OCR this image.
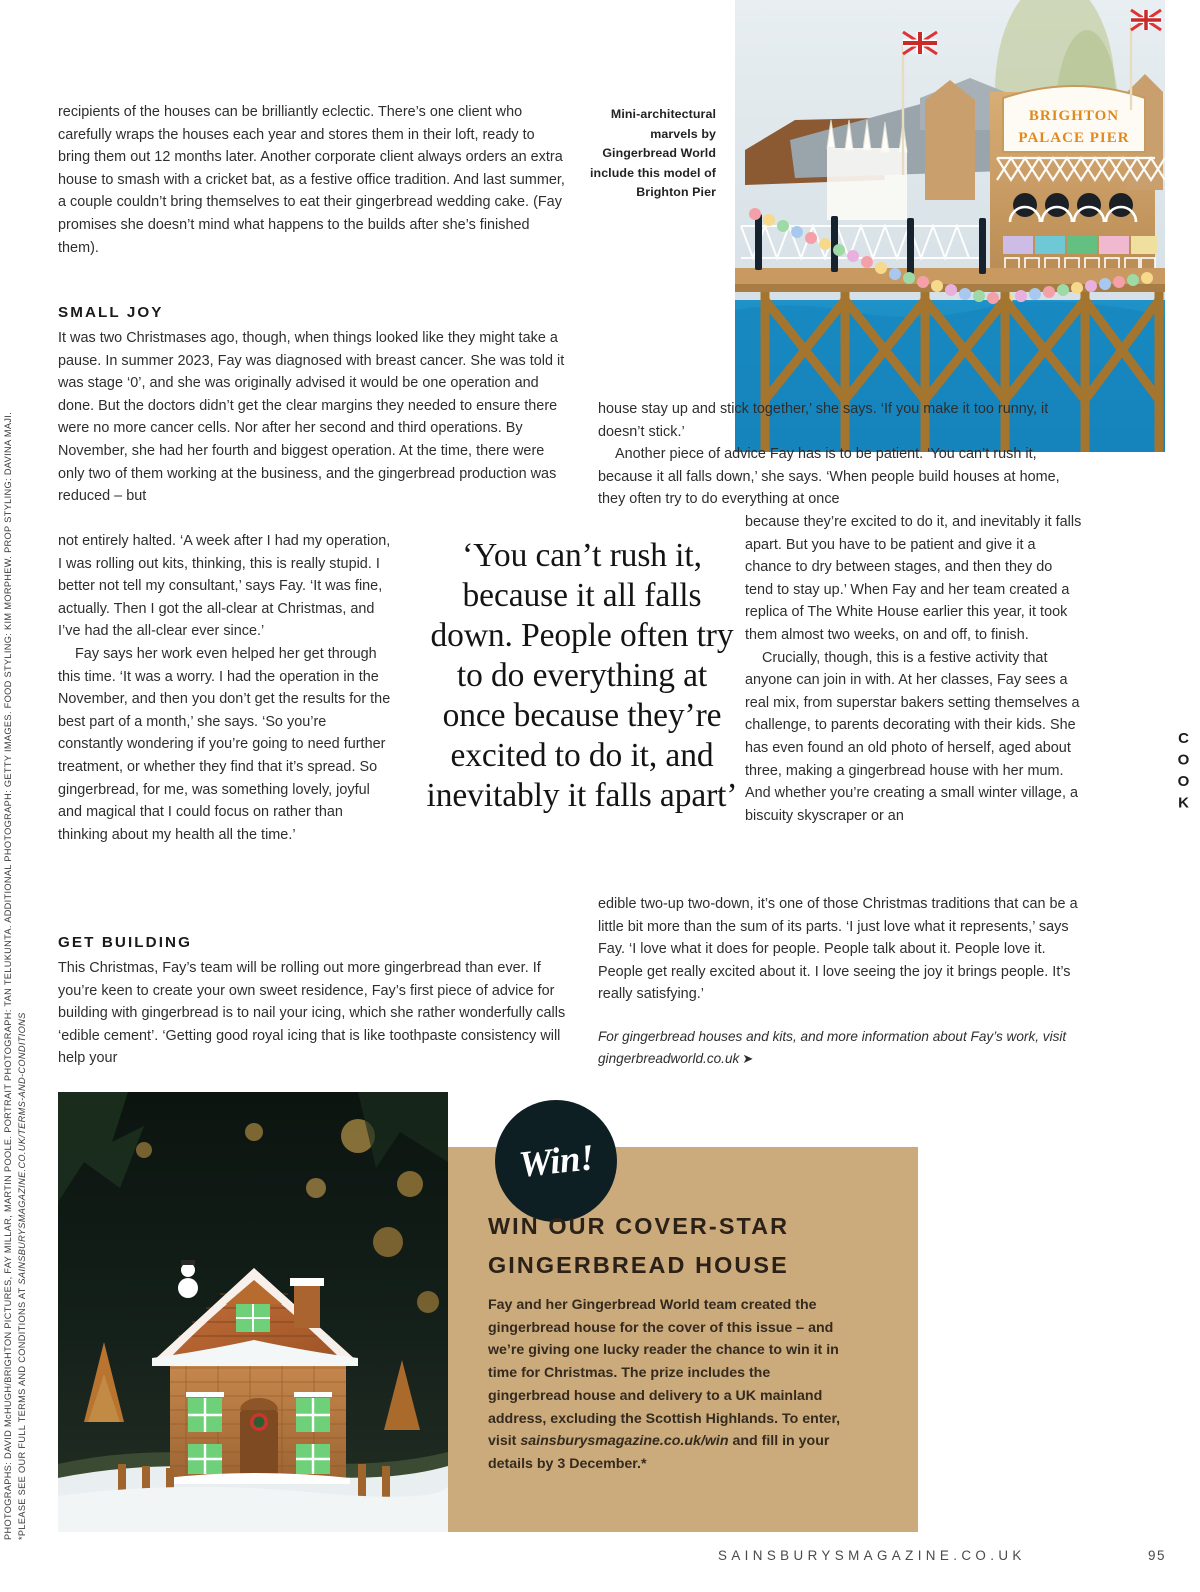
PHOTOGRAPHS: DAVID McHUGH/BRIGHTON PICTURES, FAY MILLAR, MARTIN POOLE. PORTRAIT PHOTOGRAPH: TAN TELUKUNTA. ADDITIONAL PHOTOGRAPH: GETTY IMAGES. FOOD STYLING: KIM MORPHEW. PROP STYLING: DAVINA MAJI. *PLEASE SEE OUR FULL TERMS AND CONDITIONS AT SAINSBURYSMAGAZINE.CO.UK/TERMS-AND-CONDITIONS
COOK
BRIGHTON
PALACE PIER
Mini-architectural marvels by Gingerbread World include this model of Brighton Pier

recipients of the houses can be brilliantly eclectic. There’s one client who carefully wraps the houses each year and stores them in their loft, ready to bring them out 12 months later. Another corporate client always orders an extra house to smash with a cricket bat, as a festive office tradition. And last summer, a couple couldn’t bring themselves to eat their gingerbread wedding cake. (Fay promises she doesn’t mind what happens to the builds after she’s finished them).

SMALL JOY

It was two Christmases ago, though, when things looked like they might take a pause. In summer 2023, Fay was diagnosed with breast cancer. She was told it was stage ‘0’, and she was originally advised it would be one operation and done. But the doctors didn’t get the clear margins they needed to ensure there were no more cancer cells. Nor after her second and third operations. By November, she had her fourth and biggest operation. At the time, there were only two of them working at the business, and the gingerbread production was reduced – but

not entirely halted. ‘A week after I had my operation, I was rolling out kits, thinking, this is really stupid. I better not tell my consultant,’ says Fay. ‘It was fine, actually. Then I got the all-clear at Christmas, and I’ve had the all-clear ever since.’

Fay says her work even helped her get through this time. ‘It was a worry. I had the operation in the November, and then you don’t get the results for the best part of a month,’ she says. ‘So you’re constantly wondering if you’re going to need further treatment, or whether they find that it’s spread. So gingerbread, for me, was something lovely, joyful and magical that I could focus on rather than thinking about my health all the time.’

GET BUILDING

This Christmas, Fay’s team will be rolling out more gingerbread than ever. If you’re keen to create your own sweet residence, Fay’s first piece of advice for building with gingerbread is to nail your icing, which she rather wonderfully calls ‘edible cement’. ‘Getting good royal icing that is like toothpaste consistency will help your

house stay up and stick together,’ she says. ‘If you make it too runny, it doesn’t stick.’

Another piece of advice Fay has is to be patient. ‘You can’t rush it, because it all falls down,’ she says. ‘When people build houses at home, they often try to do everything at once

because they’re excited to do it, and inevitably it falls apart. But you have to be patient and give it a chance to dry between stages, and then they do tend to stay up.’ When Fay and her team created a replica of The White House earlier this year, it took them almost two weeks, on and off, to finish.

Crucially, though, this is a festive activity that anyone can join in with. At her classes, Fay sees a real mix, from superstar bakers setting themselves a challenge, to parents decorating with their kids. She has even found an old photo of herself, aged about three, making a gingerbread house with her mum. And whether you’re creating a small winter village, a biscuity skyscraper or an

edible two-up two-down, it’s one of those Christmas traditions that can be a little bit more than the sum of its parts. ‘I just love what it represents,’ says Fay. ‘I love what it does for people. People talk about it. People love it. People get really excited about it. I love seeing the joy it brings people. It’s really satisfying.’

For gingerbread houses and kits, and more information about Fay’s work, visit gingerbreadworld.co.uk ➤
‘You can’t rush it, because it all falls down. People often try to do everything at once because they’re excited to do it, and inevitably it falls apart’
Win!
WIN OUR COVER-STAR
GINGERBREAD HOUSE
Fay and her Gingerbread World team created the gingerbread house for the cover of this issue – and we’re giving one lucky reader the chance to win it in time for Christmas. The prize includes the gingerbread house and delivery to a UK mainland address, excluding the Scottish Highlands. To enter, visit sainsburysmagazine.co.uk/win and fill in your details by 3 December.*
SAINSBURYSMAGAZINE.CO.UK	95
